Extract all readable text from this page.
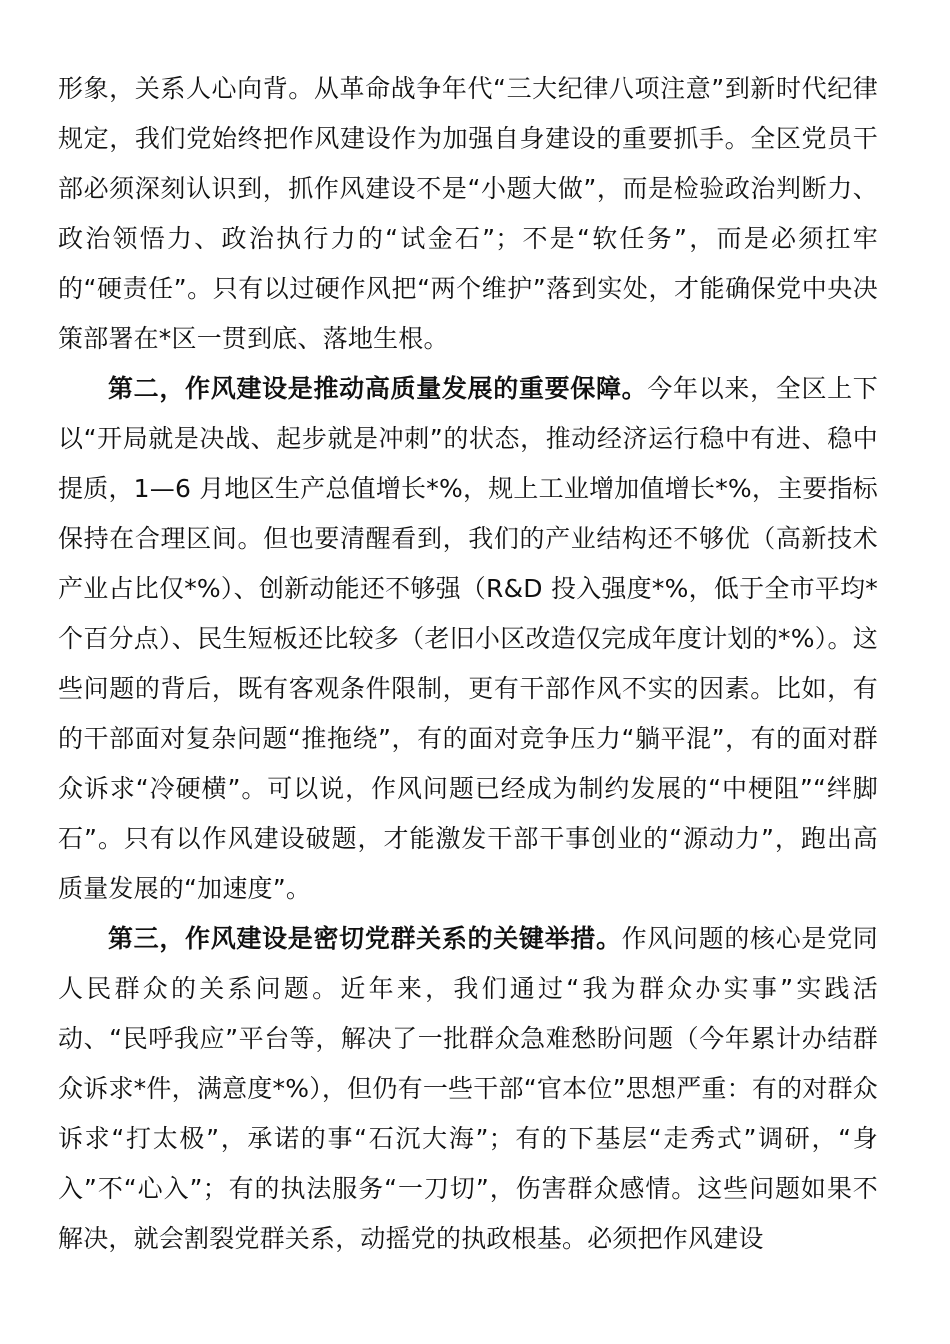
形象，关系人心向背。从革命战争年代“三大纪律八项注意”到新时代纪律规定，我们党始终把作风建设作为加强自身建设的重要抓手。全区党员干部必须深刻认识到，抓作风建设不是“小题大做”，而是检验政治判断力、政治领悟力、政治执行力的“试金石”；不是“软任务”，而是必须扛牢的“硬责任”。只有以过硬作风把“两个维护”落到实处，才能确保党中央决策部署在*区一贯到底、落地生根。

第二，作风建设是推动高质量发展的重要保障。今年以来，全区上下以“开局就是决战、起步就是冲刺”的状态，推动经济运行稳中有进、稳中提质，1—6 月地区生产总值增长*%，规上工业增加值增长*%，主要指标保持在合理区间。但也要清醒看到，我们的产业结构还不够优（高新技术产业占比仅*%）、创新动能还不够强（R&D 投入强度*%，低于全市平均*个百分点）、民生短板还比较多（老旧小区改造仅完成年度计划的*%）。这些问题的背后，既有客观条件限制，更有干部作风不实的因素。比如，有的干部面对复杂问题“推拖绕”，有的面对竞争压力“躺平混”，有的面对群众诉求“冷硬横”。可以说，作风问题已经成为制约发展的“中梗阻”“绊脚石”。只有以作风建设破题，才能激发干部干事创业的“源动力”，跑出高质量发展的“加速度”。

第三，作风建设是密切党群关系的关键举措。作风问题的核心是党同人民群众的关系问题。近年来，我们通过“我为群众办实事”实践活动、“民呼我应”平台等，解决了一批群众急难愁盼问题（今年累计办结群众诉求*件，满意度*%），但仍有一些干部“官本位”思想严重：有的对群众诉求“打太极”，承诺的事“石沉大海”；有的下基层“走秀式”调研，“身入”不“心入”；有的执法服务“一刀切”，伤害群众感情。这些问题如果不解决，就会割裂党群关系，动摇党的执政根基。必须把作风建设
